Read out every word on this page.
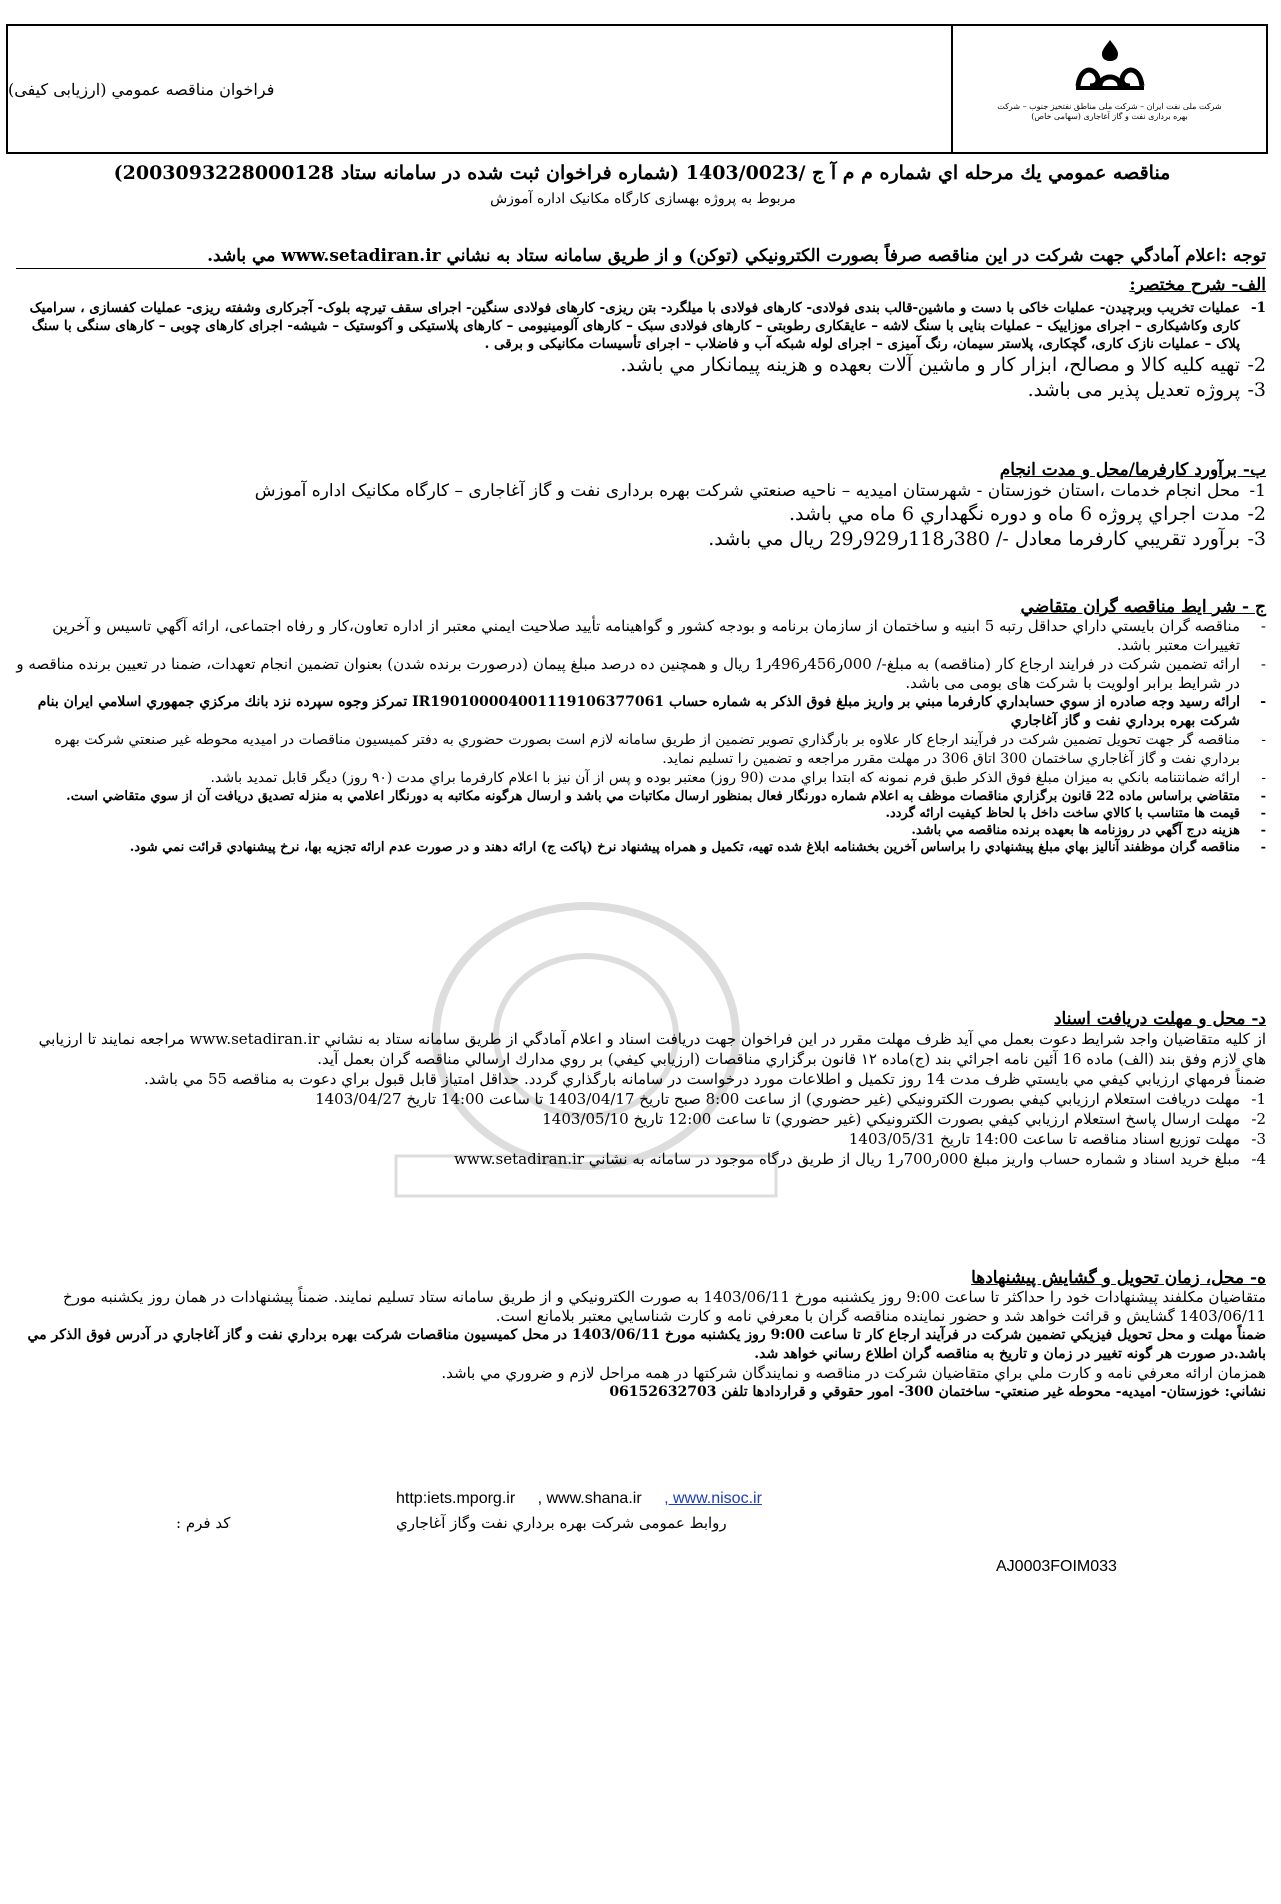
شرکت ملی نفت ایران – شرکت ملی مناطق نفتخیز جنوب – شرکت بهره برداری نفت و گاز آغاجاری (سهامی خاص)
فراخوان مناقصه عمومي (ارزيابی کيفی)
مناقصه عمومي يك مرحله اي شماره م م آ ج /1403/0023 (شماره فراخوان ثبت شده در سامانه ستاد 2003093228000128)
مربوط به پروژه بهسازی کارگاه مکانیک اداره آموزش
توجه :اعلام آمادگي جهت شركت در اين مناقصه صرفاً بصورت الكترونيكي (توكن) و از طريق سامانه ستاد به نشاني www.setadiran.ir مي باشد.
الف- شرح مختصر:
1-
عملیات تخریب وبرچیدن- عملیات خاکی با دست و ماشین-قالب بندی فولادی- کارهای فولادی با میلگرد- بتن ریزی- کارهای فولادی سنگین- اجرای سقف تیرچه بلوک- آجرکاری وشفته ریزی- عملیات کفسازی ، سرامیک کاری وکاشیکاری – اجرای موزاییک – عملیات بنایی با سنگ لاشه – عایقکاری رطوبتی – کارهای فولادی سبک – کارهای آلومینیومی – کارهای پلاستیکی و آکوستیک – شیشه- اجرای کارهای چوبی – کارهای سنگی با سنگ پلاک – عملیات نازک کاری، گچکاری، پلاستر سیمان، رنگ آمیزی – اجرای لوله شبکه آب و فاضلاب – اجرای تأسیسات مکانیکی و برقی .
2-
تهيه كليه كالا و مصالح، ابزار كار و ماشين آلات بعهده و هزينه پيمانكار مي باشد.
3-
پروژه تعدیل پذیر می باشد.
ب- برآورد كارفرما/محل و مدت انجام
1-
محل انجام خدمات ،استان خوزستان - شهرستان اميديه – ناحيه صنعتي شرکت بهره برداری نفت و گاز آغاجاری – کارگاه مکانیک اداره آموزش
2-
مدت اجراي پروژه 6 ماه و دوره نگهداري 6 ماه مي باشد.
3-
برآورد تقريبي كارفرما معادل -/ 380ر118ر929ر29 ريال مي باشد.
ج - شر ايط مناقصه گران متقاضي
-
مناقصه گران بايستي داراي حداقل رتبه 5 ابنیه و ساختمان از سازمان برنامه و بودجه كشور و گواهينامه تأييد صلاحيت ايمني معتبر از اداره تعاون،کار و رفاه اجتماعی، ارائه آگهي تاسیس و آخرين تغييرات معتبر باشد.
-
ارائه تضمين شركت در فرايند ارجاع كار (مناقصه) به مبلغ-/ 000ر456ر496ر1 ريال و همچنين ده درصد مبلغ پيمان (درصورت برنده شدن) بعنوان تضمين انجام تعهدات، ضمنا در تعیین برنده مناقصه و در شرایط برابر اولویت با شرکت های بومی می باشد.
-
ارائه رسيد وجه صادره از سوي حسابداري كارفرما مبني بر واريز مبلغ فوق الذكر به شماره حساب IR190100004001119106377061 تمركز وجوه سپرده نزد بانك مركزي جمهوري اسلامي ايران بنام شركت بهره برداري نفت و گاز آغاجاري
-
مناقصه گر جهت تحويل تضمين شركت در فرآيند ارجاع كار علاوه بر بارگذاري تصوير تضمين از طريق سامانه لازم است بصورت حضوري به دفتر كميسيون مناقصات در اميديه محوطه غير صنعتي شركت بهره برداري نفت و گاز آغاجاري ساختمان 300 اتاق 306 در مهلت مقرر مراجعه و تضمين را تسليم نمايد.
-
ارائه ضمانتنامه بانكي به ميزان مبلغ فوق الذكر طبق فرم نمونه كه ابتدا براي مدت (90 روز) معتبر بوده و پس از آن نيز با اعلام كارفرما براي مدت (۹۰ روز) ديگر قابل تمديد باشد.
-
متقاضي براساس ماده 22 قانون برگزاري مناقصات موظف به اعلام شماره دورنگار فعال بمنظور ارسال مكاتبات مي باشد و ارسال هرگونه مكاتبه به دورنگار اعلامي به منزله تصديق دريافت آن از سوي متقاضي است.
-
قيمت ها متناسب با كالاي ساخت داخل با لحاظ كيفيت ارائه گردد.
-
هزينه درج آگهي در روزنامه ها بعهده برنده مناقصه مي باشد.
-
مناقصه گران موظفند آناليز بهاي مبلغ پيشنهادي را براساس آخرين بخشنامه ابلاغ شده تهيه، تكميل و همراه پيشنهاد نرخ (پاكت ج) ارائه دهند و در صورت عدم ارائه تجزيه بها، نرخ پيشنهادي قرائت نمي شود.
د- محل و مهلت دريافت اسناد
از كليه متقاضيان واجد شرايط دعوت بعمل مي آيد ظرف مهلت مقرر در اين فراخوان جهت دريافت اسناد و اعلام آمادگي از طريق سامانه ستاد به نشاني www.setadiran.ir مراجعه نمايند تا ارزيابي هاي لازم وفق بند (الف) ماده 16 آئين نامه اجرائي بند (ج)ماده ۱۲ قانون برگزاري مناقصات (ارزيابي كيفي) بر روي مدارك ارسالي مناقصه گران بعمل آيد.
ضمناً فرمهاي ارزيابي كيفي مي بايستي ظرف مدت 14 روز تكميل و اطلاعات مورد درخواست در سامانه بارگذاري گردد. حداقل امتياز قابل قبول براي دعوت به مناقصه 55 مي باشد.
1-
مهلت دريافت استعلام ارزيابي كيفي بصورت الكترونيكي (غير حضوري) از ساعت 8:00 صبح تاريخ 1403/04/17 تا ساعت 14:00 تاريخ 1403/04/27
2-
مهلت ارسال پاسخ استعلام ارزيابي كيفي بصورت الكترونيكي (غير حضوري) تا ساعت 12:00 تاريخ 1403/05/10
3-
مهلت توزيع اسناد مناقصه تا ساعت 14:00 تاريخ 1403/05/31
4-
مبلغ خريد اسناد و شماره حساب واريز مبلغ 000ر700ر1 ريال از طريق درگاه موجود در سامانه به نشاني www.setadiran.ir
ه- محل، زمان تحويل و گشايش پيشنهادها
متقاضيان مكلفند پيشنهادات خود را حداكثر تا ساعت 9:00 روز يكشنبه مورخ 1403/06/11 به صورت الكترونيكي و از طريق سامانه ستاد تسليم نمايند. ضمناً پيشنهادات در همان روز يكشنبه مورخ 1403/06/11 گشايش و قرائت خواهد شد و حضور نماينده مناقصه گران با معرفي نامه و كارت شناسايي معتبر بلامانع است.
ضمناً مهلت و محل تحويل فيزيكي تضمين شركت در فرآيند ارجاع كار تا ساعت 9:00 روز يكشنبه مورخ 1403/06/11 در محل كميسيون مناقصات شركت بهره برداري نفت و گاز آغاجاري در آدرس فوق الذكر مي باشد.در صورت هر گونه تغيير در زمان و تاريخ به مناقصه گران اطلاع رساني خواهد شد.
همزمان ارائه معرفي نامه و كارت ملي براي متقاضيان شركت در مناقصه و نمايندگان شركتها در همه مراحل لازم و ضروري مي باشد.
نشاني: خوزستان- اميديه- محوطه غير صنعتي- ساختمان 300- امور حقوقي و قراردادها تلفن 06152632703
http:iets.mporg.ir , www.shana.ir , www.nisoc.ir
روابط عمومی شرکت بهره برداري نفت وگاز آغاجاري
کد فرم :
AJ0003FOIM033
